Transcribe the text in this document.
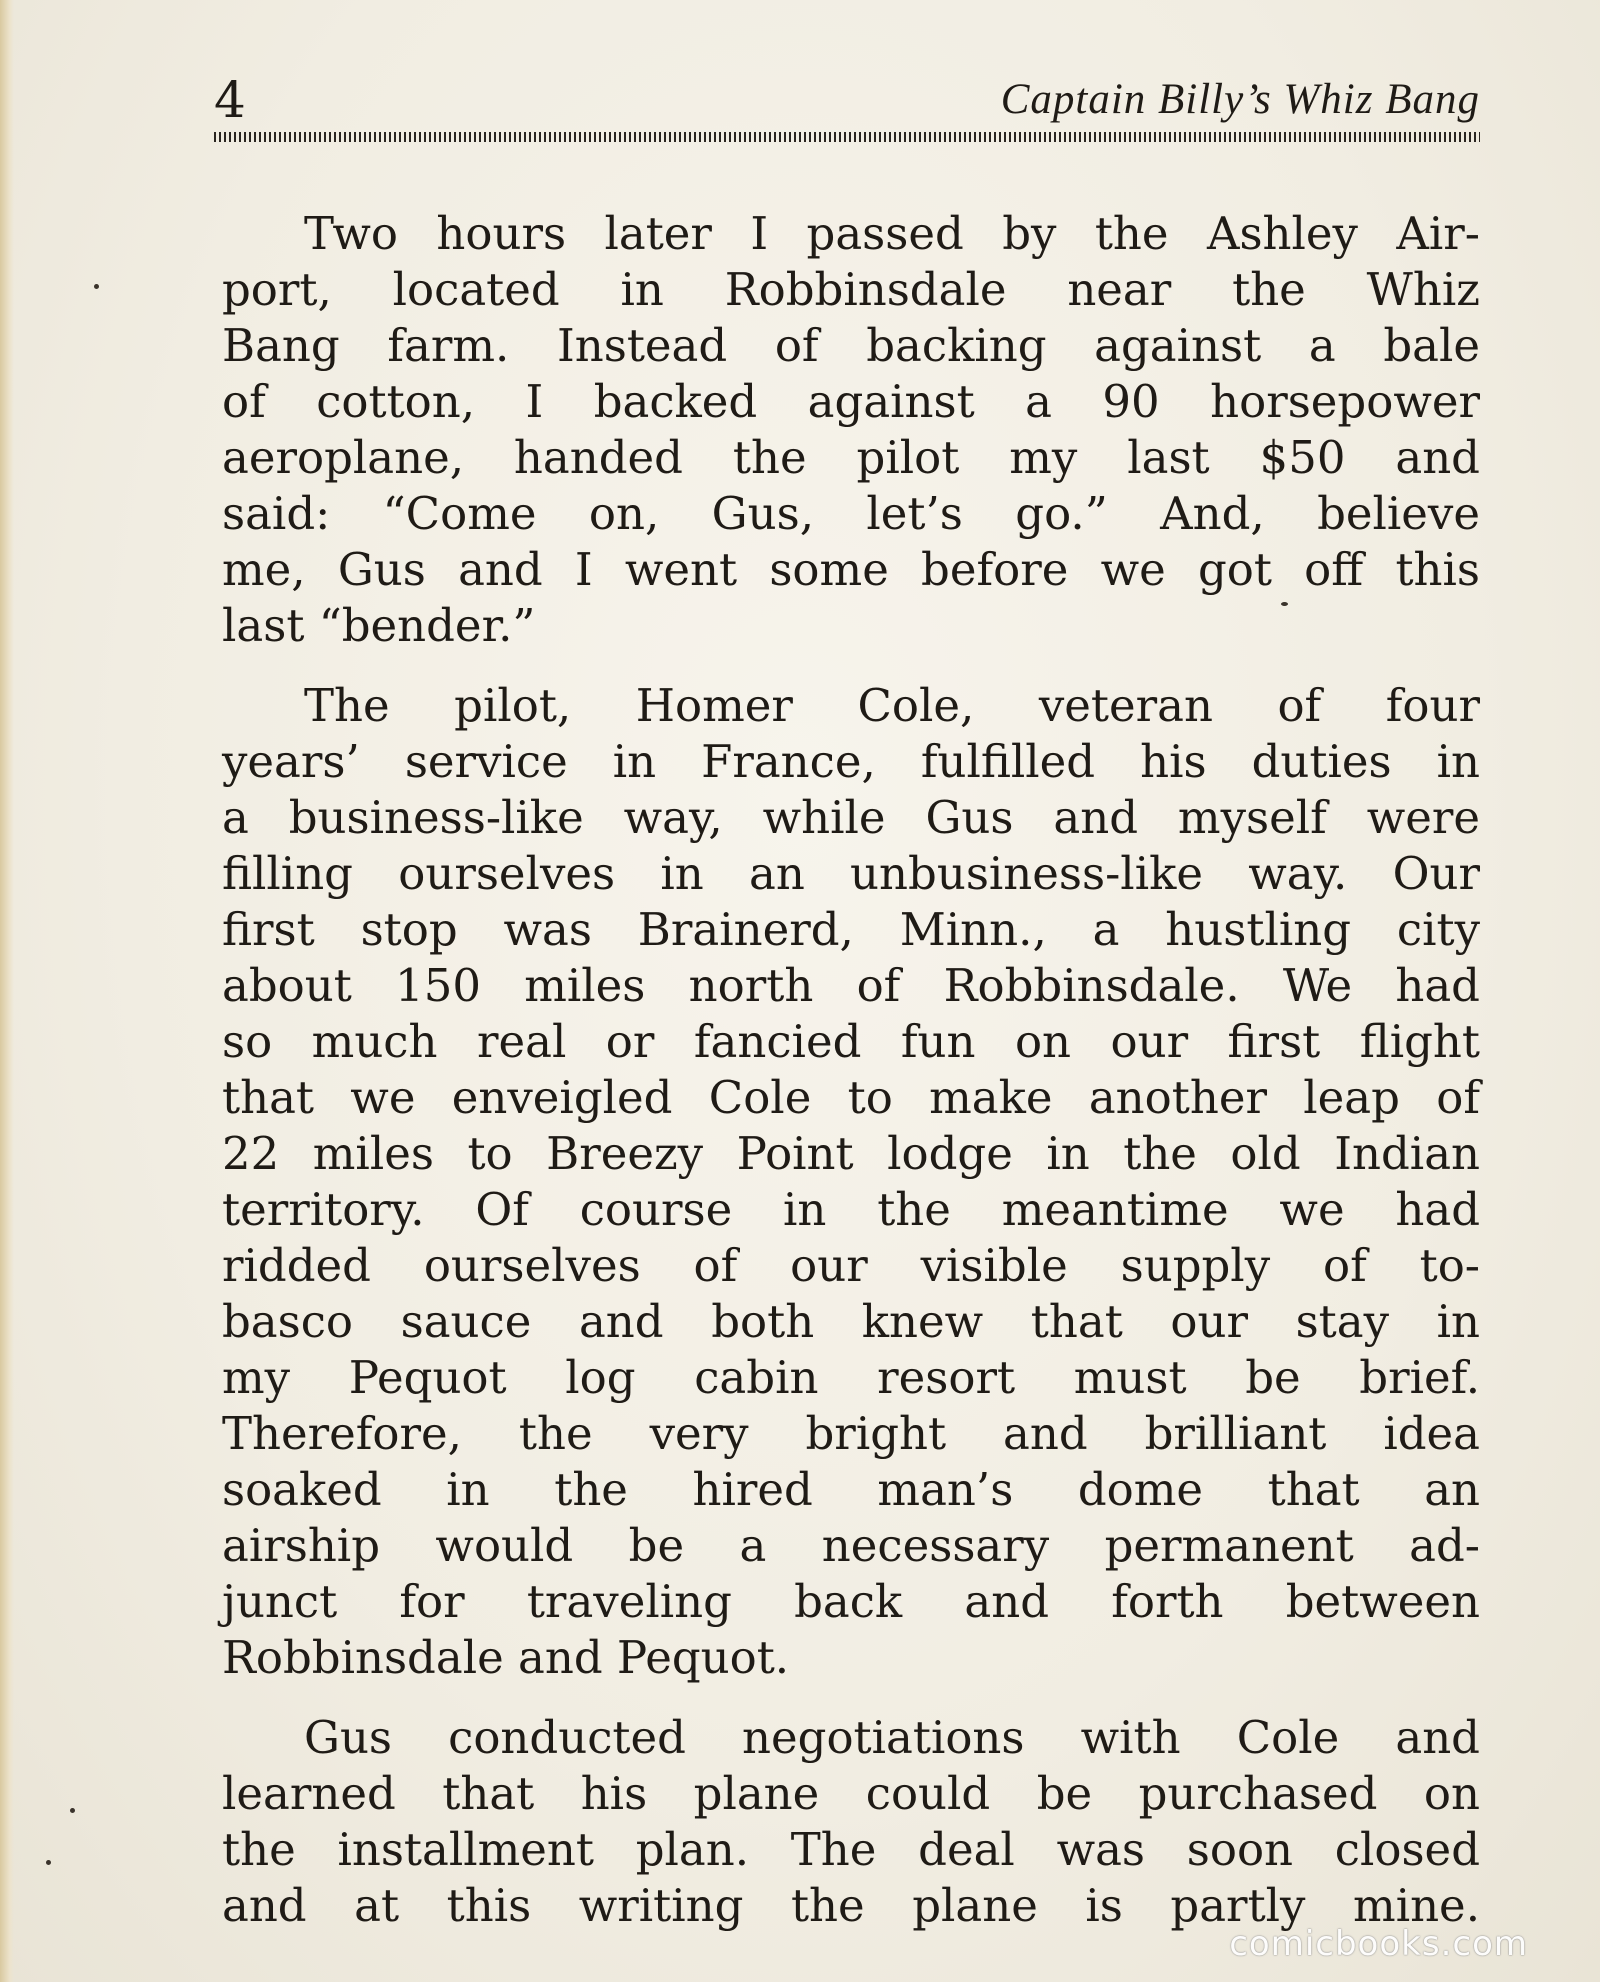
4	Captain Billy’s Whiz Bang

Two hours later I passed by the Ashley Air-
port, located in Robbinsdale near the Whiz
Bang farm. Instead of backing against a bale
of cotton, I backed against a 90 horsepower
aeroplane, handed the pilot my last $50 and
said: “Come on, Gus, let’s go.” And, believe
me, Gus and I went some before we got off this
last “bender.”

The pilot, Homer Cole, veteran of four
years’ service in France, fulfilled his duties in
a business-like way, while Gus and myself were
filling ourselves in an unbusiness-like way. Our
first stop was Brainerd, Minn., a hustling city
about 150 miles north of Robbinsdale. We had
so much real or fancied fun on our first flight
that we enveigled Cole to make another leap of
22 miles to Breezy Point lodge in the old Indian
territory. Of course in the meantime we had
ridded ourselves of our visible supply of to-
basco sauce and both knew that our stay in
my Pequot log cabin resort must be brief.
Therefore, the very bright and brilliant idea
soaked in the hired man’s dome that an
airship would be a necessary permanent ad-
junct for traveling back and forth between
Robbinsdale and Pequot.

Gus conducted negotiations with Cole and
learned that his plane could be purchased on
the installment plan. The deal was soon closed
and at this writing the plane is partly mine.

comicbooks.com
